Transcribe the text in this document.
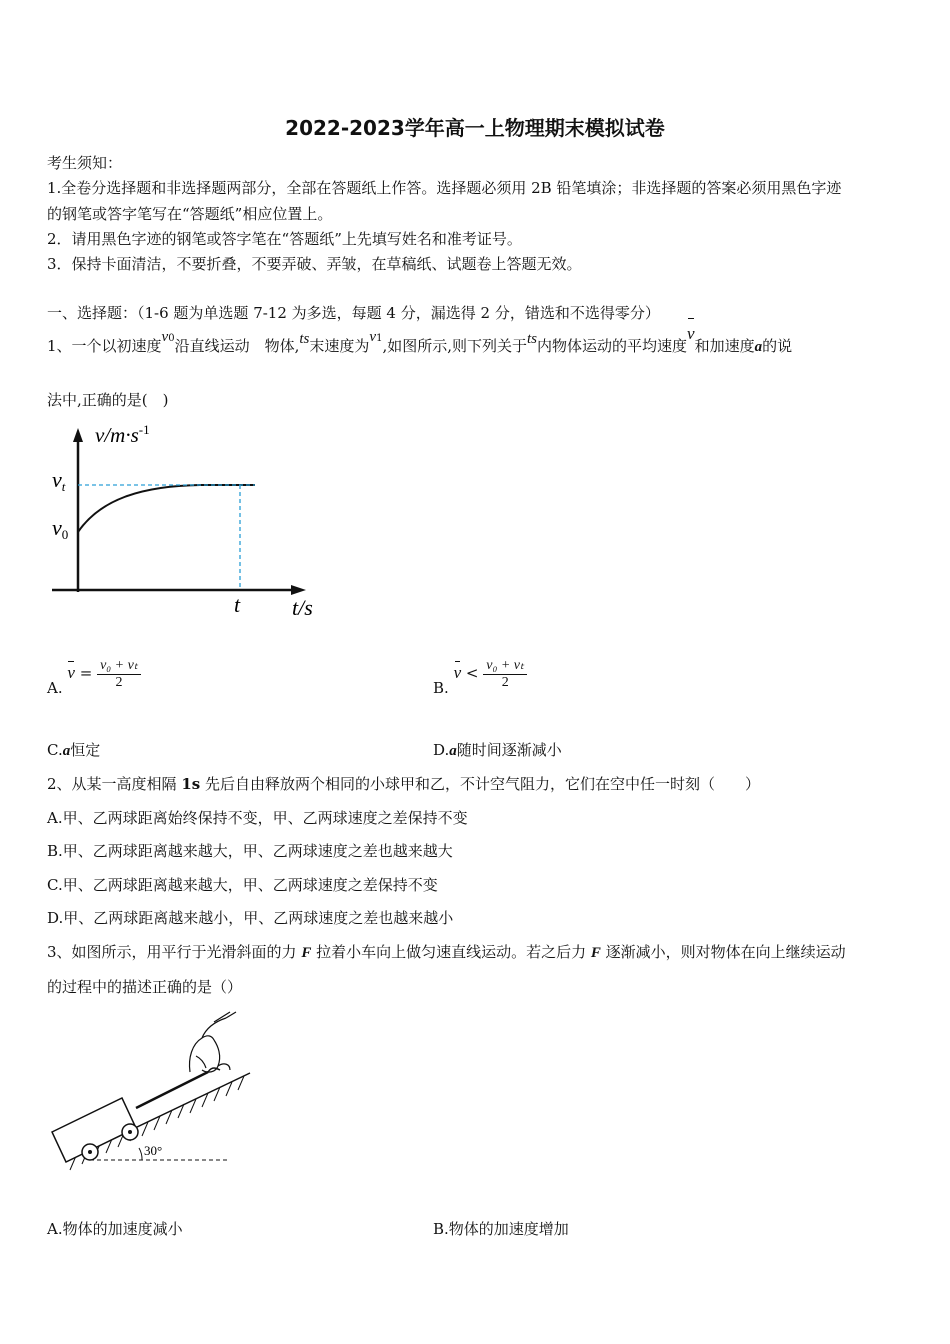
2022-2023学年高一上物理期末模拟试卷
考生须知：
1.全卷分选择题和非选择题两部分，全部在答题纸上作答。选择题必须用 2B 铅笔填涂；非选择题的答案必须用黑色字迹
的钢笔或答字笔写在“答题纸”相应位置上。
2．请用黑色字迹的钢笔或答字笔在“答题纸”上先填写姓名和准考证号。
3．保持卡面清洁，不要折叠，不要弄破、弄皱，在草稿纸、试题卷上答题无效。
一、选择题：（1-6 题为单选题 7-12 为多选，每题 4 分，漏选得 2 分，错选和不选得零分）
1、一个以初速度v0沿直线运动　物体,ts末速度为v1,如图所示,则下列关于ts内物体运动的平均速度v和加速度a的说
法中,正确的是(　)
$v/m\cdot s^{-1}$
vt
v0
t t/s
A. $v = \frac{\text{v₀ + vₜ}}{2}$	B. $v < \frac{\text{v₀ + vₜ}}{2}$
C.a恒定	D.a随时间逐渐减小
2、从某一高度相隔 1s 先后自由释放两个相同的小球甲和乙，不计空气阻力，它们在空中任一时刻（　　）
A.甲、乙两球距离始终保持不变，甲、乙两球速度之差保持不变
B.甲、乙两球距离越来越大，甲、乙两球速度之差也越来越大
C.甲、乙两球距离越来越大，甲、乙两球速度之差保持不变
D.甲、乙两球距离越来越小，甲、乙两球速度之差也越来越小
3、如图所示，用平行于光滑斜面的力 F 拉着小车向上做匀速直线运动。若之后力 F 逐渐减小，则对物体在向上继续运动
的过程中的描述正确的是（）
30°
A.物体的加速度减小	B.物体的加速度增加
